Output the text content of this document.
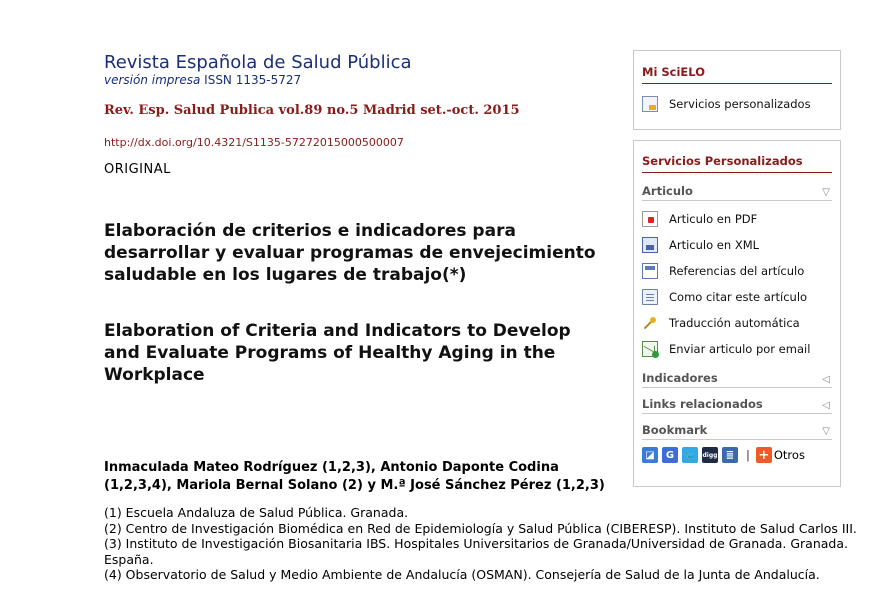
Revista Española de Salud Pública
versión impresa ISSN 1135-5727
Rev. Esp. Salud Publica vol.89 no.5 Madrid set.-oct. 2015
http://dx.doi.org/10.4321/S1135-57272015000500007
ORIGINAL
Elaboración de criterios e indicadores para desarrollar y evaluar programas de envejecimiento saludable en los lugares de trabajo(*)
Elaboration of Criteria and Indicators to Develop and Evaluate Programs of Healthy Aging in the Workplace
Inmaculada Mateo Rodríguez (1,2,3), Antonio Daponte Codina (1,2,3,4), Mariola Bernal Solano (2) y M.ª José Sánchez Pérez (1,2,3)
(1) Escuela Andaluza de Salud Pública. Granada.
(2) Centro de Investigación Biomédica en Red de Epidemiología y Salud Pública (CIBERESP). Instituto de Salud Carlos III.
(3) Instituto de Investigación Biosanitaria IBS. Hospitales Universitarios de Granada/Universidad de Granada. Granada. España.
(4) Observatorio de Salud y Medio Ambiente de Andalucía (OSMAN). Consejería de Salud de la Junta de Andalucía.
Mi SciELO
Servicios personalizados
Servicios Personalizados
Articulo	▽
Articulo en PDF
Articulo en XML
Referencias del artículo
Como citar este artículo
Traducción automática
Enviar articulo por email
Indicadores	◁
Links relacionados	◁
Bookmark	▽
◪	G 🐦 digg ≣	| + Otros
